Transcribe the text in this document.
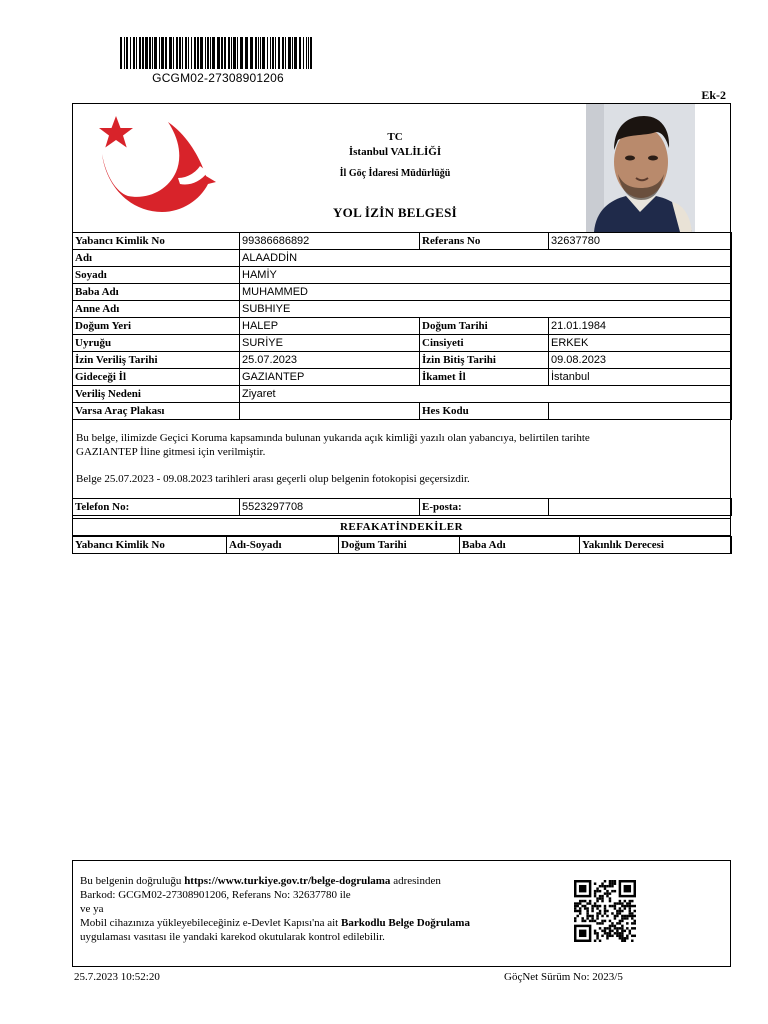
GCGM02-27308901206
Ek-2
TC
İstanbul VALİLİĞİ
İl Göç İdaresi Müdürlüğü
YOL İZİN BELGESİ
Yabancı Kimlik No	99386686892	Referans No	32637780
Adı	ALAADDİN		
Soyadı	HAMİY		
Baba Adı	MUHAMMED		
Anne Adı	SUBHIYE		
Doğum Yeri	HALEP	Doğum Tarihi	21.01.1984
Uyruğu	SURİYE	Cinsiyeti	ERKEK
İzin Veriliş Tarihi	25.07.2023	İzin Bitiş Tarihi	09.08.2023
Gideceği İl	GAZIANTEP	İkamet İl	İstanbul
Veriliş Nedeni	Ziyaret		
Varsa Araç Plakası		Hes Kodu	
Bu belge, ilimizde Geçici Koruma kapsamında bulunan yukarıda açık kimliği yazılı olan yabancıya, belirtilen tarihte
GAZIANTEP İline gitmesi için verilmiştir.
Belge 25.07.2023 - 09.08.2023 tarihleri arası geçerli olup belgenin fotokopisi geçersizdir.
Telefon No:	5523297708	E-posta:	
REFAKATİNDEKİLER
Yabancı Kimlik No	Adı-Soyadı	Doğum Tarihi	Baba Adı	Yakınlık Derecesi
Bu belgenin doğruluğu https://www.turkiye.gov.tr/belge-dogrulama adresinden
Barkod: GCGM02-27308901206, Referans No: 32637780 ile
ve ya
Mobil cihazınıza yükleyebileceğiniz e-Devlet Kapısı'na ait Barkodlu Belge Doğrulama
uygulaması vasıtası ile yandaki karekod okutularak kontrol edilebilir.
25.7.2023 10:52:20	GöçNet Sürüm No: 2023/5
